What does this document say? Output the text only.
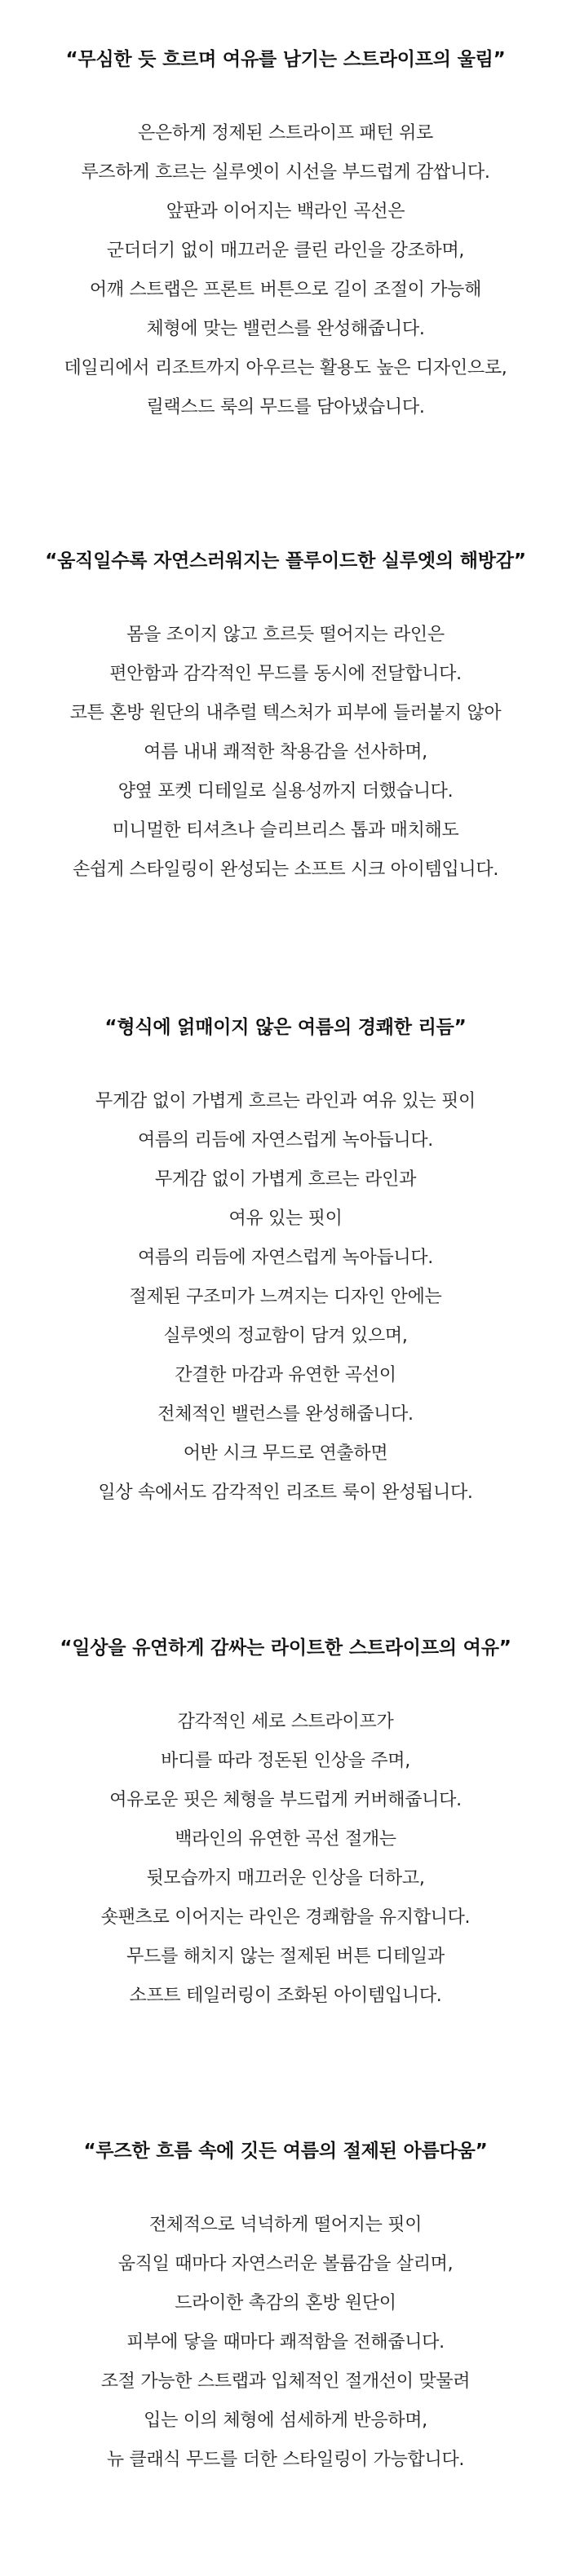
“무심한 듯 흐르며 여유를 남기는 스트라이프의 울림”
은은하게 정제된 스트라이프 패턴 위로
루즈하게 흐르는 실루엣이 시선을 부드럽게 감쌉니다.
앞판과 이어지는 백라인 곡선은
군더더기 없이 매끄러운 클린 라인을 강조하며,
어깨 스트랩은 프론트 버튼으로 길이 조절이 가능해
체형에 맞는 밸런스를 완성해줍니다.
데일리에서 리조트까지 아우르는 활용도 높은 디자인으로,
릴랙스드 룩의 무드를 담아냈습니다.
“움직일수록 자연스러워지는 플루이드한 실루엣의 해방감”
몸을 조이지 않고 흐르듯 떨어지는 라인은
편안함과 감각적인 무드를 동시에 전달합니다.
코튼 혼방 원단의 내추럴 텍스처가 피부에 들러붙지 않아
여름 내내 쾌적한 착용감을 선사하며,
양옆 포켓 디테일로 실용성까지 더했습니다.
미니멀한 티셔츠나 슬리브리스 톱과 매치해도
손쉽게 스타일링이 완성되는 소프트 시크 아이템입니다.
“형식에 얽매이지 않은 여름의 경쾌한 리듬”
무게감 없이 가볍게 흐르는 라인과 여유 있는 핏이
여름의 리듬에 자연스럽게 녹아듭니다.
무게감 없이 가볍게 흐르는 라인과
여유 있는 핏이
여름의 리듬에 자연스럽게 녹아듭니다.
절제된 구조미가 느껴지는 디자인 안에는
실루엣의 정교함이 담겨 있으며,
간결한 마감과 유연한 곡선이
전체적인 밸런스를 완성해줍니다.
어반 시크 무드로 연출하면
일상 속에서도 감각적인 리조트 룩이 완성됩니다.
“일상을 유연하게 감싸는 라이트한 스트라이프의 여유”
감각적인 세로 스트라이프가
바디를 따라 정돈된 인상을 주며,
여유로운 핏은 체형을 부드럽게 커버해줍니다.
백라인의 유연한 곡선 절개는
뒷모습까지 매끄러운 인상을 더하고,
숏팬츠로 이어지는 라인은 경쾌함을 유지합니다.
무드를 해치지 않는 절제된 버튼 디테일과
소프트 테일러링이 조화된 아이템입니다.
“루즈한 흐름 속에 깃든 여름의 절제된 아름다움”
전체적으로 넉넉하게 떨어지는 핏이
움직일 때마다 자연스러운 볼륨감을 살리며,
드라이한 촉감의 혼방 원단이
피부에 닿을 때마다 쾌적함을 전해줍니다.
조절 가능한 스트랩과 입체적인 절개선이 맞물려
입는 이의 체형에 섬세하게 반응하며,
뉴 클래식 무드를 더한 스타일링이 가능합니다.
